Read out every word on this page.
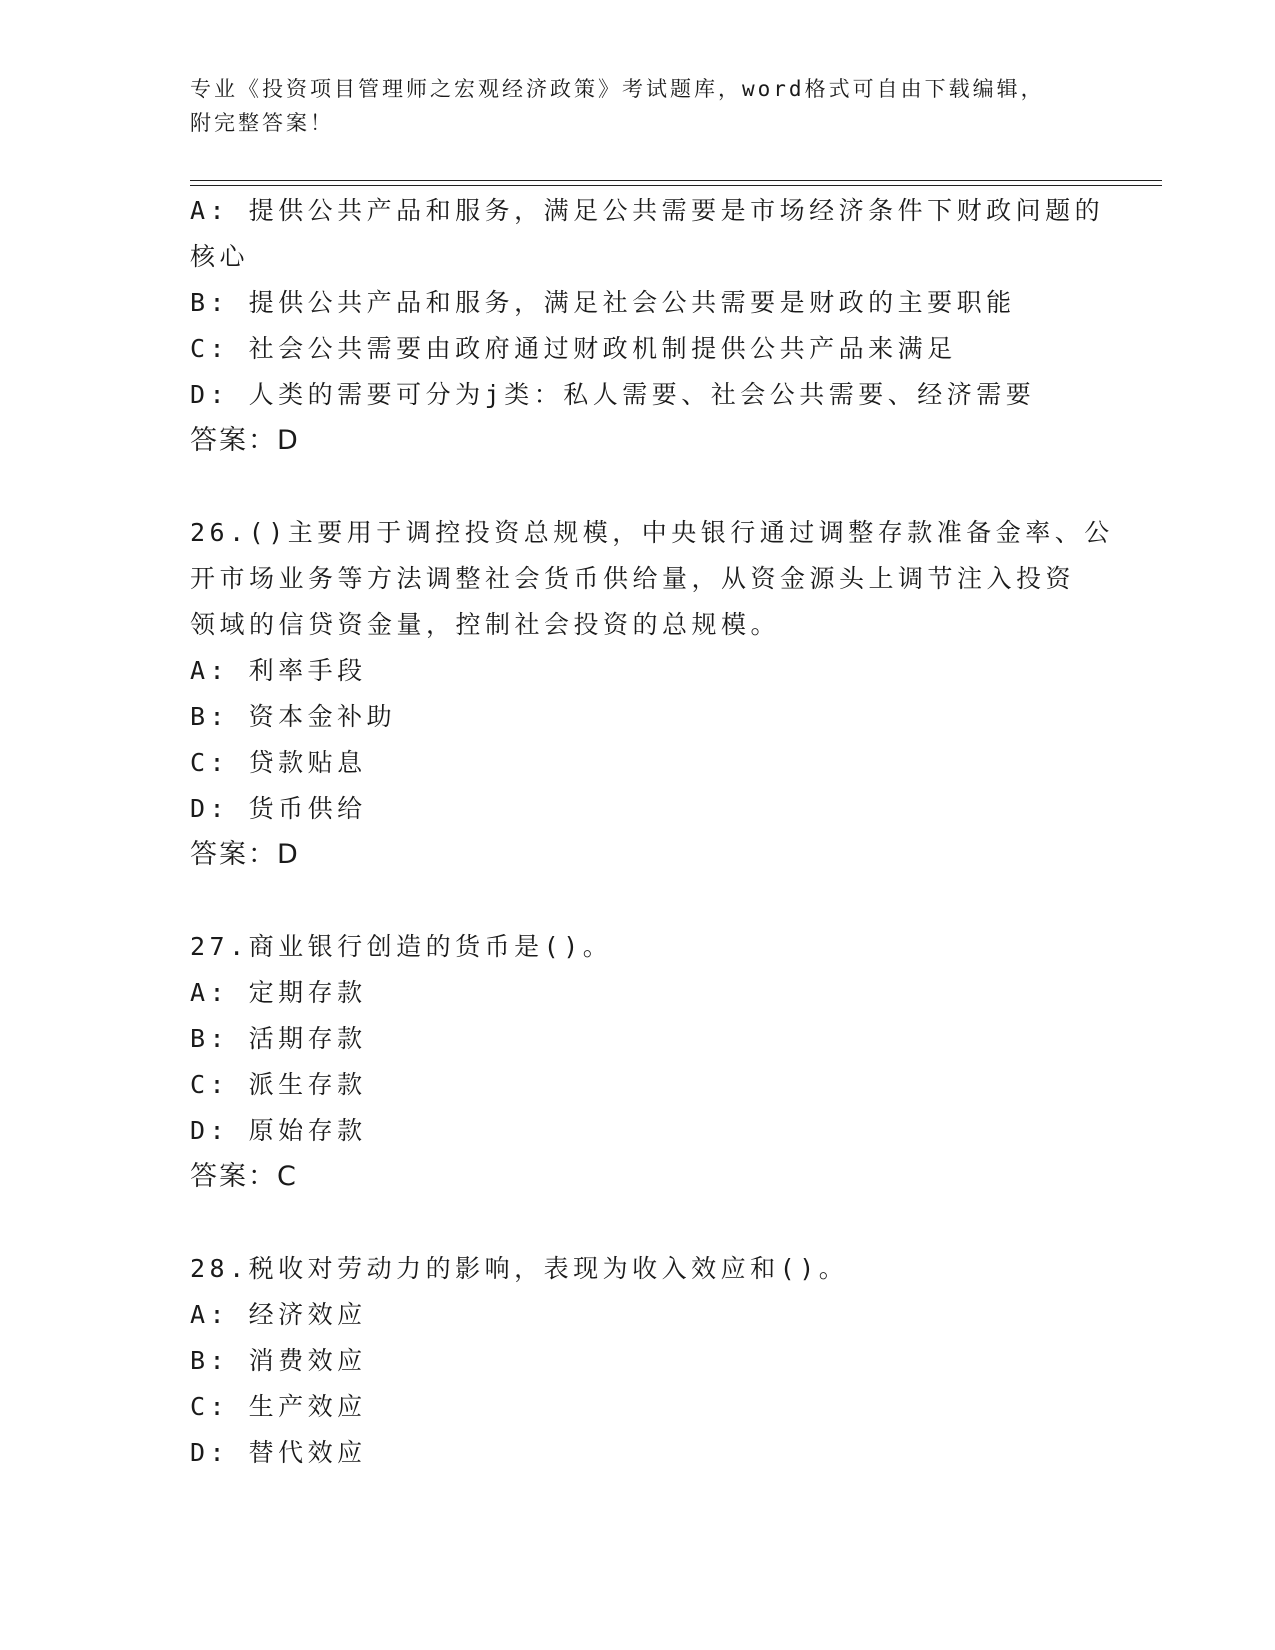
专业《投资项目管理师之宏观经济政策》考试题库，word格式可自由下载编辑，
附完整答案！
A: 提供公共产品和服务，满足公共需要是市场经济条件下财政问题的
核心
B: 提供公共产品和服务，满足社会公共需要是财政的主要职能
C: 社会公共需要由政府通过财政机制提供公共产品来满足
D: 人类的需要可分为j类：私人需要、社会公共需要、经济需要
答案：D
26.()主要用于调控投资总规模，中央银行通过调整存款准备金率、公
开市场业务等方法调整社会货币供给量，从资金源头上调节注入投资
领域的信贷资金量，控制社会投资的总规模。
A: 利率手段
B: 资本金补助
C: 贷款贴息
D: 货币供给
答案：D
27.商业银行创造的货币是()。
A: 定期存款
B: 活期存款
C: 派生存款
D: 原始存款
答案：C
28.税收对劳动力的影响，表现为收入效应和()。
A: 经济效应
B: 消费效应
C: 生产效应
D: 替代效应
